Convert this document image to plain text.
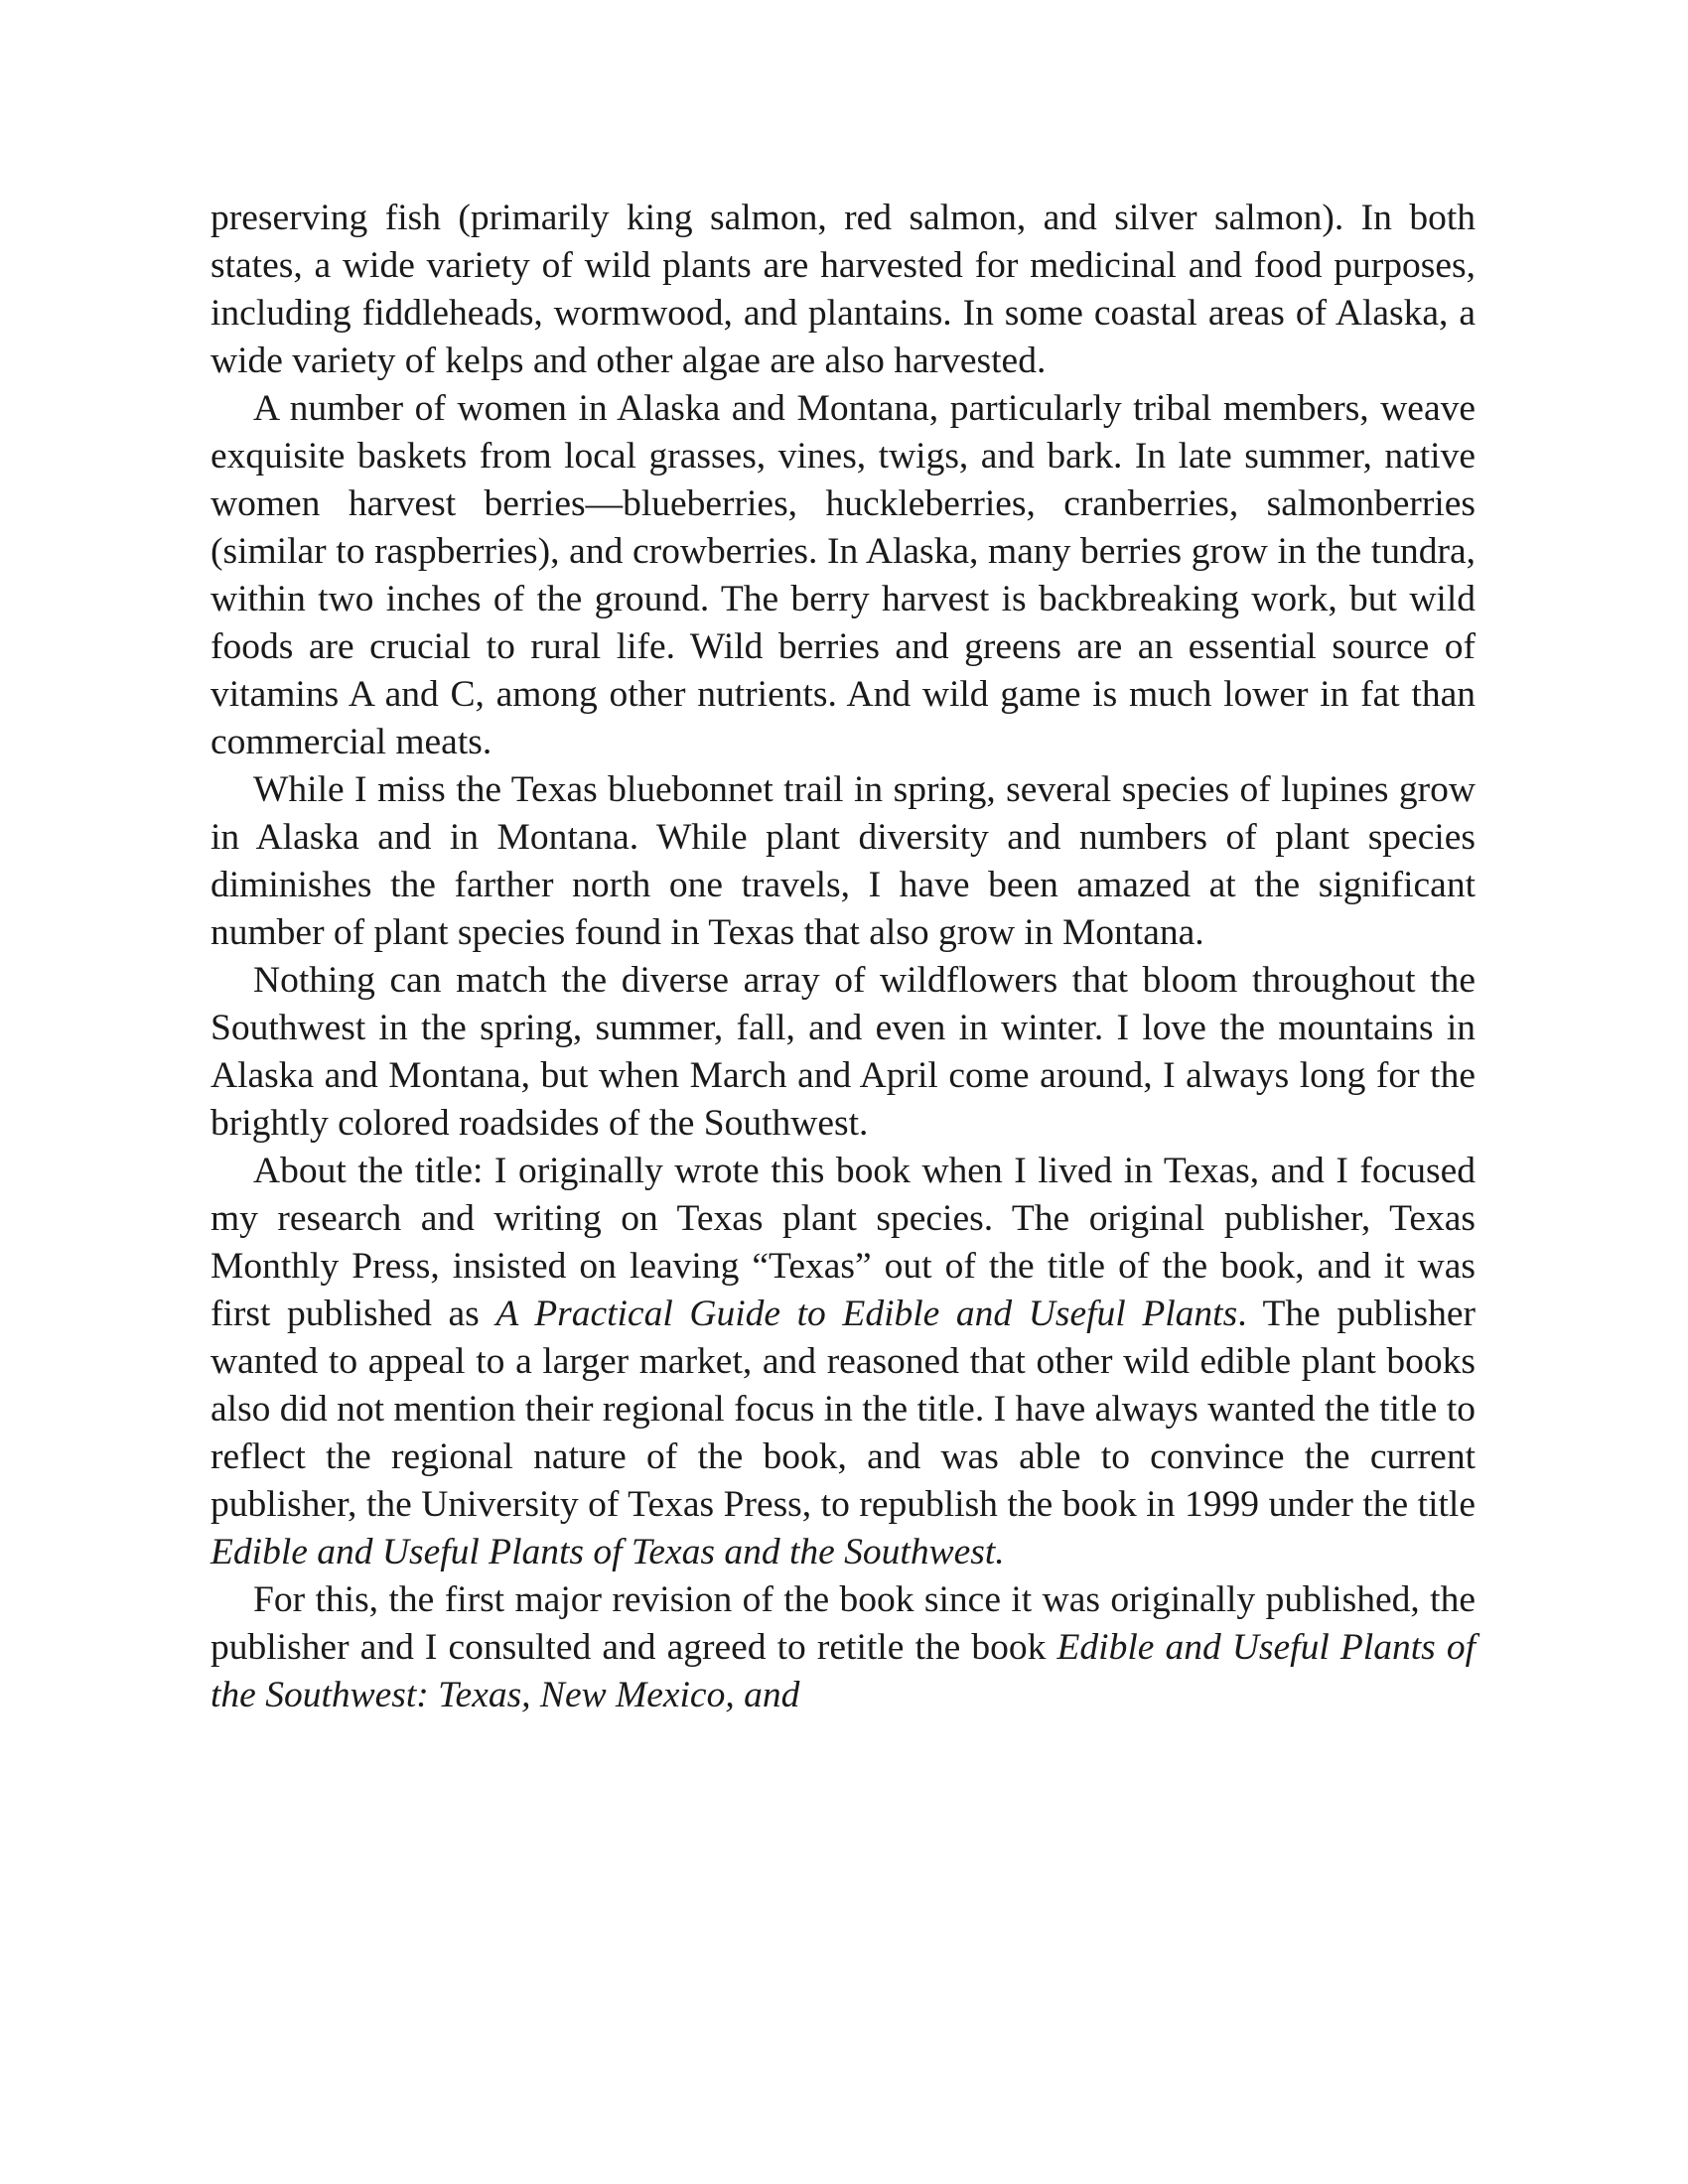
preserving fish (primarily king salmon, red salmon, and silver salmon). In both states, a wide variety of wild plants are harvested for medicinal and food purposes, including fiddleheads, wormwood, and plantains. In some coastal areas of Alaska, a wide variety of kelps and other algae are also harvested.

A number of women in Alaska and Montana, particularly tribal members, weave exquisite baskets from local grasses, vines, twigs, and bark. In late summer, native women harvest berries—blueberries, huckleberries, cranberries, salmonberries (similar to raspberries), and crowberries. In Alaska, many berries grow in the tundra, within two inches of the ground. The berry harvest is backbreaking work, but wild foods are crucial to rural life. Wild berries and greens are an essential source of vitamins A and C, among other nutrients. And wild game is much lower in fat than commercial meats.

While I miss the Texas bluebonnet trail in spring, several species of lupines grow in Alaska and in Montana. While plant diversity and numbers of plant species diminishes the farther north one travels, I have been amazed at the significant number of plant species found in Texas that also grow in Montana.

Nothing can match the diverse array of wildflowers that bloom throughout the Southwest in the spring, summer, fall, and even in winter. I love the mountains in Alaska and Montana, but when March and April come around, I always long for the brightly colored roadsides of the Southwest.

About the title: I originally wrote this book when I lived in Texas, and I focused my research and writing on Texas plant species. The original publisher, Texas Monthly Press, insisted on leaving “Texas” out of the title of the book, and it was first published as A Practical Guide to Edible and Useful Plants. The publisher wanted to appeal to a larger market, and reasoned that other wild edible plant books also did not mention their regional focus in the title. I have always wanted the title to reflect the regional nature of the book, and was able to convince the current publisher, the University of Texas Press, to republish the book in 1999 under the title Edible and Useful Plants of Texas and the Southwest.

For this, the first major revision of the book since it was originally published, the publisher and I consulted and agreed to retitle the book Edible and Useful Plants of the Southwest: Texas, New Mexico, and
